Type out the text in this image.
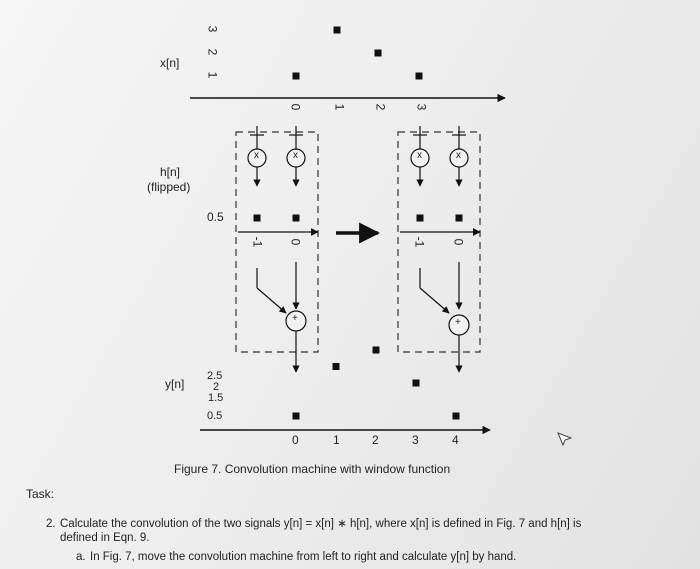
x[n]
3
2
1
0	1 2 3
h[n]
(flipped)
0.5
-1 0	-1 0
x	x	x	x
+	+
y[n]
2.5
2
1.5
0.5
0	1	2	3	4
Figure 7. Convolution machine with window function
Task:
2. Calculate the convolution of the two signals y[n] = x[n] ∗ h[n], where x[n] is defined in Fig. 7 and h[n] is defined in Eqn. 9.
a. In Fig. 7, move the convolution machine from left to right and calculate y[n] by hand.
